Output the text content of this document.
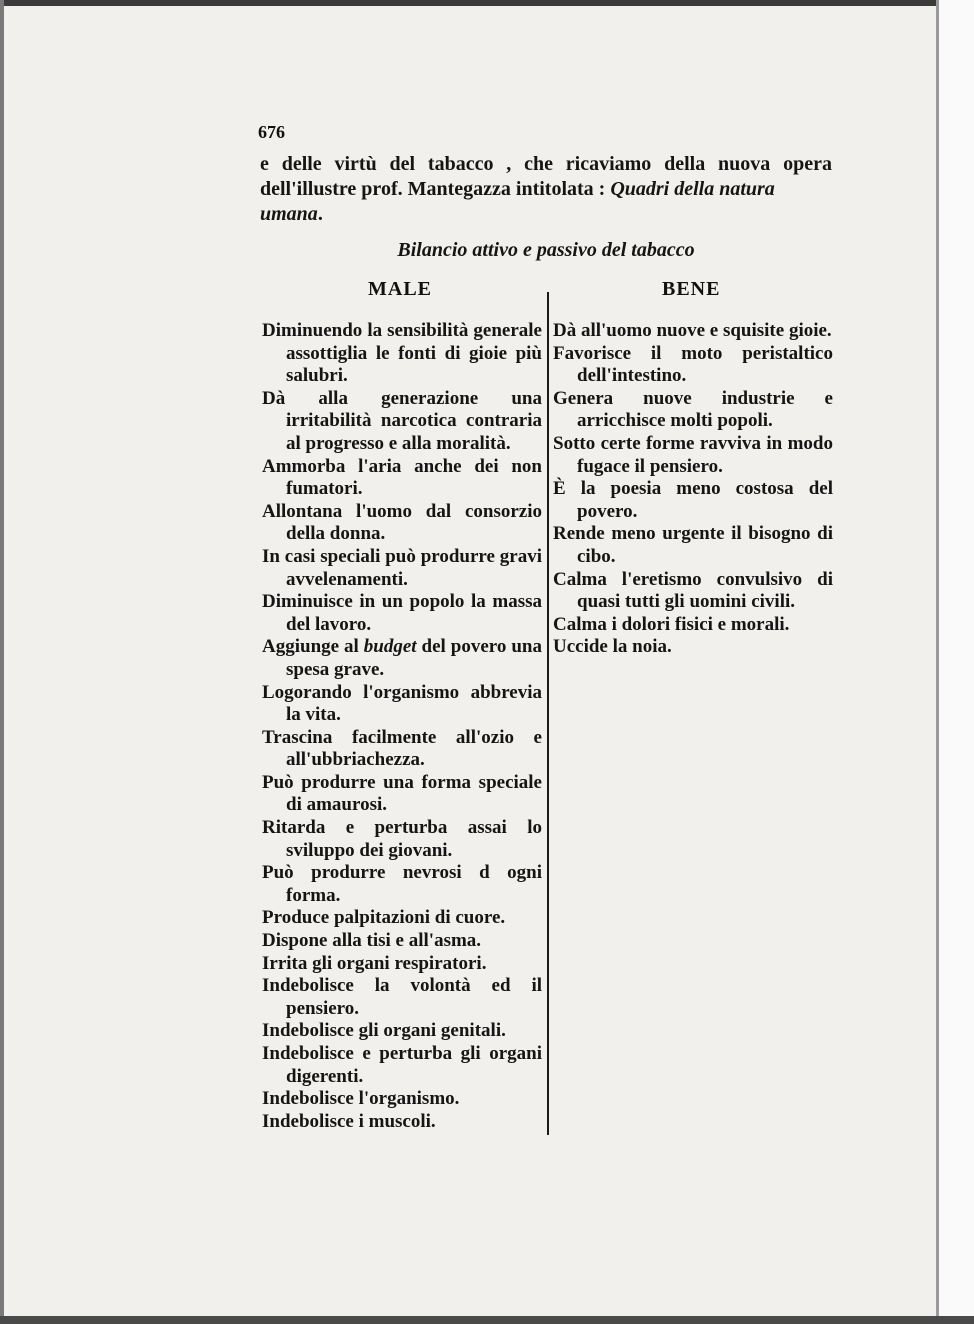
676
e delle virtù del tabacco , che ricaviamo della nuova opera
dell'illustre prof. Mantegazza intitolata : Quadri della natura
umana.
Bilancio attivo e passivo del tabacco
MALE	BENE

Diminuendo la sensibilità generale assottiglia le fonti di gioie più salubri.

Dà alla generazione una irritabilità narcotica contraria al progresso e alla moralità.

Ammorba l'aria anche dei non fumatori.

Allontana l'uomo dal consorzio della donna.

In casi speciali può produrre gravi avvelenamenti.

Diminuisce in un popolo la massa del lavoro.

Aggiunge al budget del povero una spesa grave.

Logorando l'organismo abbrevia la vita.

Trascina facilmente all'ozio e all'ubbriachezza.

Può produrre una forma speciale di amaurosi.

Ritarda e perturba assai lo sviluppo dei giovani.

Può produrre nevrosi d ogni forma.

Produce palpitazioni di cuore.

Dispone alla tisi e all'asma.

Irrita gli organi respiratori.

Indebolisce la volontà ed il pensiero.

Indebolisce gli organi genitali.

Indebolisce e perturba gli organi digerenti.

Indebolisce l'organismo.

Indebolisce i muscoli.

Dà all'uomo nuove e squisite gioie.

Favorisce il moto peristaltico dell'intestino.

Genera nuove industrie e arricchisce molti popoli.

Sotto certe forme ravviva in modo fugace il pensiero.

È la poesia meno costosa del povero.

Rende meno urgente il bisogno di cibo.

Calma l'eretismo convulsivo di quasi tutti gli uomini civili.

Calma i dolori fisici e morali.

Uccide la noia.
